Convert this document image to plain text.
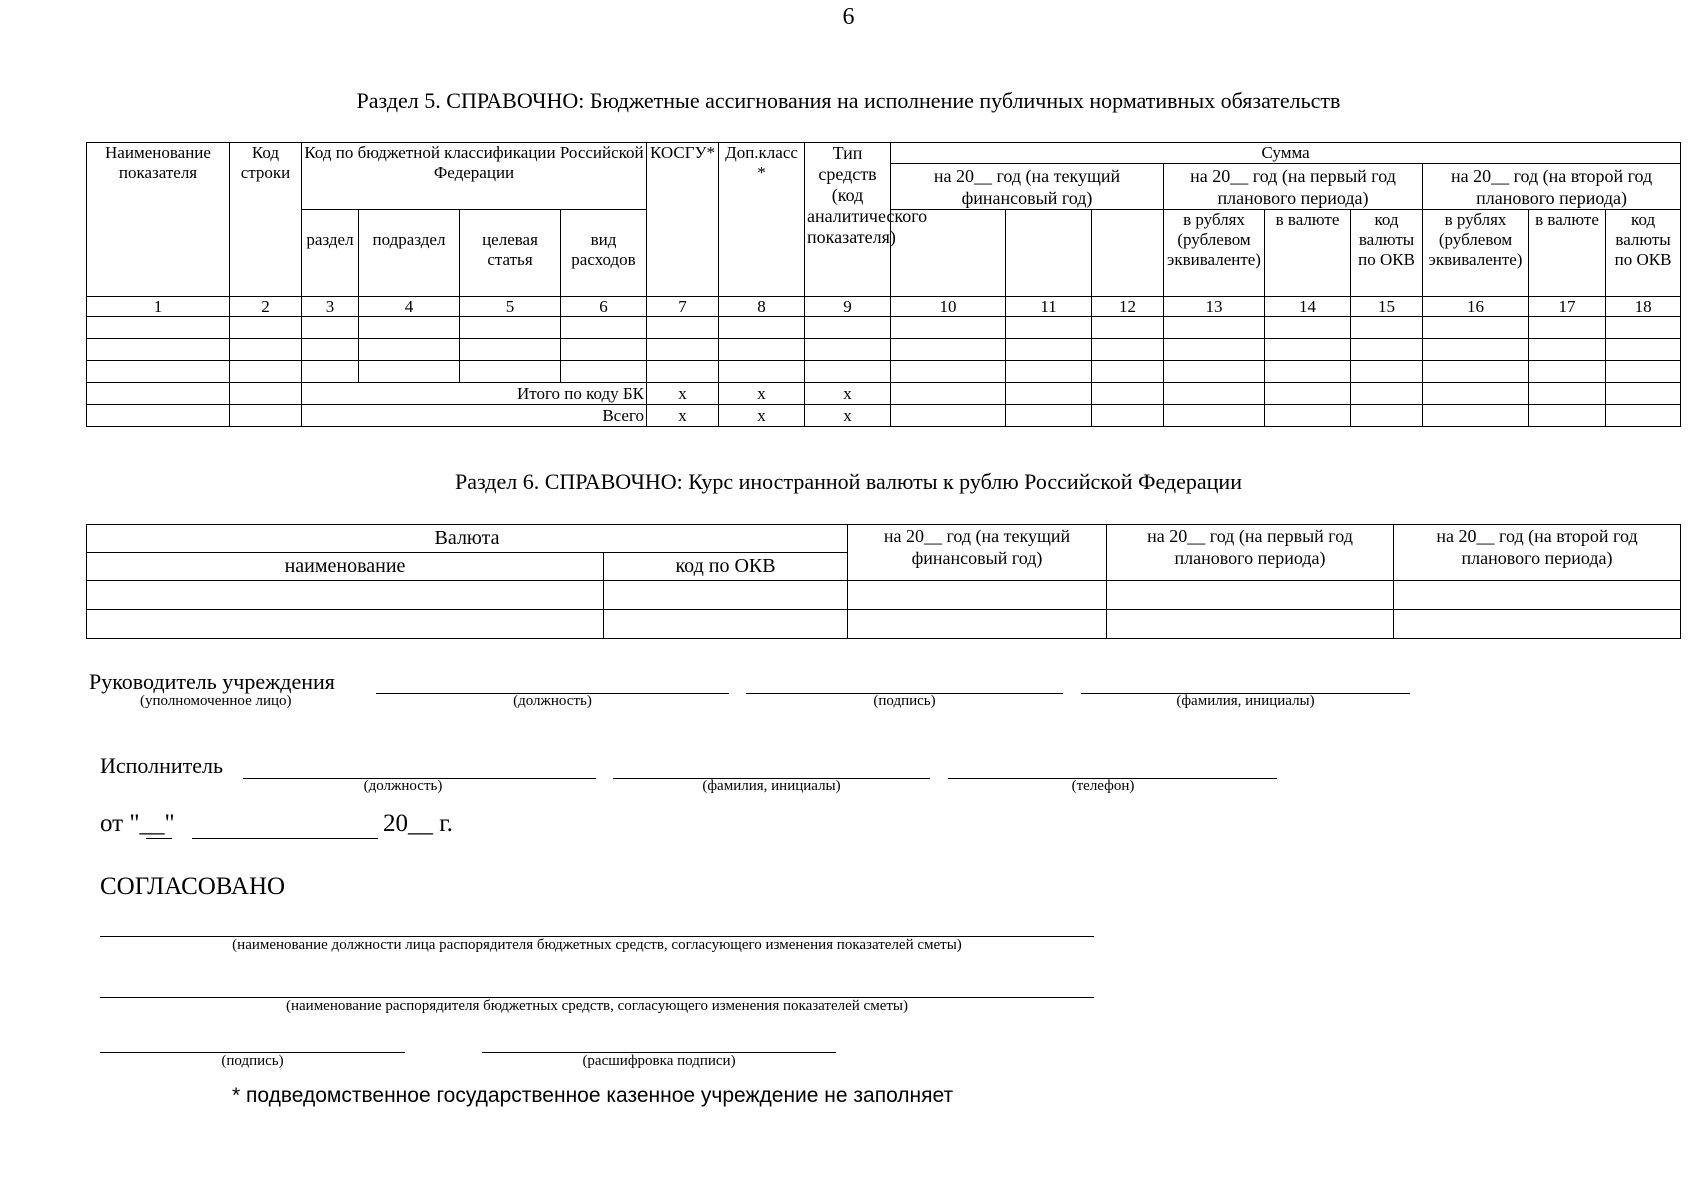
6
Раздел 5. СПРАВОЧНО: Бюджетные ассигнования на исполнение публичных нормативных обязательств
Наименование показателя	Код строки	Код по бюджетной классификации Российской Федерации				КОСГУ*	Доп.класс *	Тип средств (код аналитического показателя)	Сумма								
									на 20__ год (на текущий финансовый год)			на 20__ год (на первый год планового периода)			на 20__ год (на второй год планового периода)		
		раздел	подраздел	целевая статья	вид расходов							в рублях (рублевом эквиваленте)	в валюте	код валюты по ОКВ	в рублях (рублевом эквиваленте)	в валюте	код валюты по ОКВ
1	2	3	4	5	6	7	8	9	10	11	12	13	14	15	16	17	18

		Итого по коду БК				х	х	х									
		Всего				х	х	х									
Раздел 6. СПРАВОЧНО: Курс иностранной валюты к рублю Российской Федерации
Валюта		на 20__ год (на текущий финансовый год)	на 20__ год (на первый год планового периода)	на 20__ год (на второй год планового периода)
наименование	код по ОКВ			

Руководитель учреждения
(уполномоченное лицо)	(должность)	(подпись)	(фамилия, инициалы)
Исполнитель
(должность)	(фамилия, инициалы)	(телефон)
от "__"	20__ г.
СОГЛАСОВАНО
(наименование должности лица распорядителя бюджетных средств, согласующего изменения показателей сметы)
(наименование распорядителя бюджетных средств, согласующего изменения показателей сметы)
(подпись)	(расшифровка подписи)
* подведомственное государственное казенное учреждение не заполняет
